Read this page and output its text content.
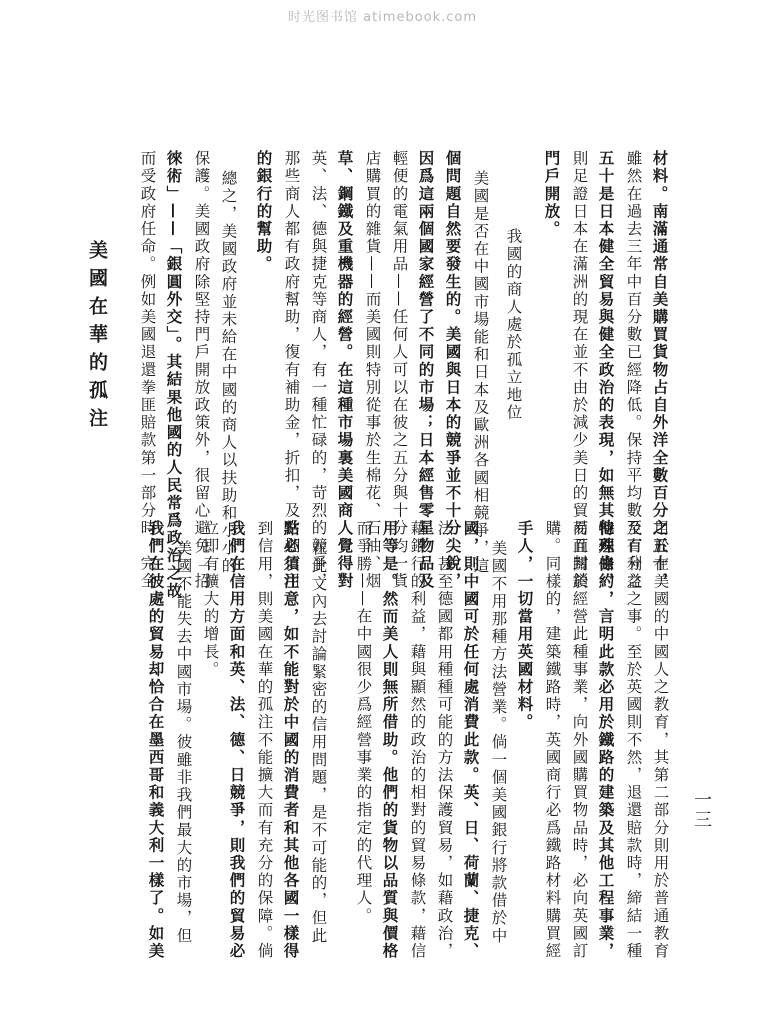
时光图书馆 atimebook.com
美國在華的孤注
一三
用於在美國的中國人之教育，其第二部分則用於普通教育
及有利益之事。至於英國則不然，退還賠款時，締結一種
特殊條約，言明此款必用於鐵路的建築及其他工程事業，
而且關於經營此種事業，向外國購買物品時，必向英國訂
購。同樣的，建築鐵路時，英國商行必爲鐵路材料購買經
手人，一切當用英國材料。
美國不用那種方法營業。倘一個美國銀行將款借於中
國，則中國可於任何處消費此款。英、日、荷蘭、捷克、
法、甚至德國都用種種可能的方法保護貿易，如藉政治，
藉銀行的利益，藉與顯然的政治的相對的貿易條款，藉信
用等是。然而美人則無所借助。他們的貨物以品質與價格
而爭勝——在中國很少爲經營事業的指定的代理人。
在此文內去討論緊密的信用問題，是不可能的，但此
點必須注意，如不能對於中國的消費者和其他各國一樣得
到信用，則美國在華的孤注不能擴大而有充分的保障。倘
我們在信用方面和英、法、德、日競爭，則我們的貿易必
立即有擴大的增長。
美國不能失去中國市場。彼雖非我們最大的市場，但
我們在彼處的貿易却恰合在墨西哥和義大利一樣了。如美
材料。南滿通常自美購買貨物占自外洋全數百分之五十，
雖然在過去三年中百分數已經降低。保持平均數至百分之
五十是日本健全貿易與健全政治的表現，如無其他理由，
則足證日本在滿洲的現在並不由於減少美日的貿易而封鎖
門戶開放。
我國的商人處於孤立地位
美國是否在中國市場能和日本及歐洲各國相競爭，這
個問題自然要發生的。美國與日本的競爭並不十分尖銳，
因爲這兩個國家經營了不同的市場；日本經售零星物品及
輕便的電氣用品——任何人可以在彼之五分與十分均一貨
店購買的雜貨——而美國則特別從事於生棉花、石油、烟
草、鋼鐵及重機器的經營。在這種市場裏美國商人覺得對
英、法、德與捷克等商人，有一種忙碌的，苛烈的競爭，
那些商人都有政府幫助，復有補助金，折扣，及常期信用
的銀行的幫助。
總之，美國政府並未給在中國的商人以扶助和小小的
保護。美國政府除堅持門戶開放政策外，很留心避免「招
徠術」——「銀圓外交」。其結果他國的人民常爲政治之故
而受政府任命。例如美國退還拳匪賠款第一部分時，完全
